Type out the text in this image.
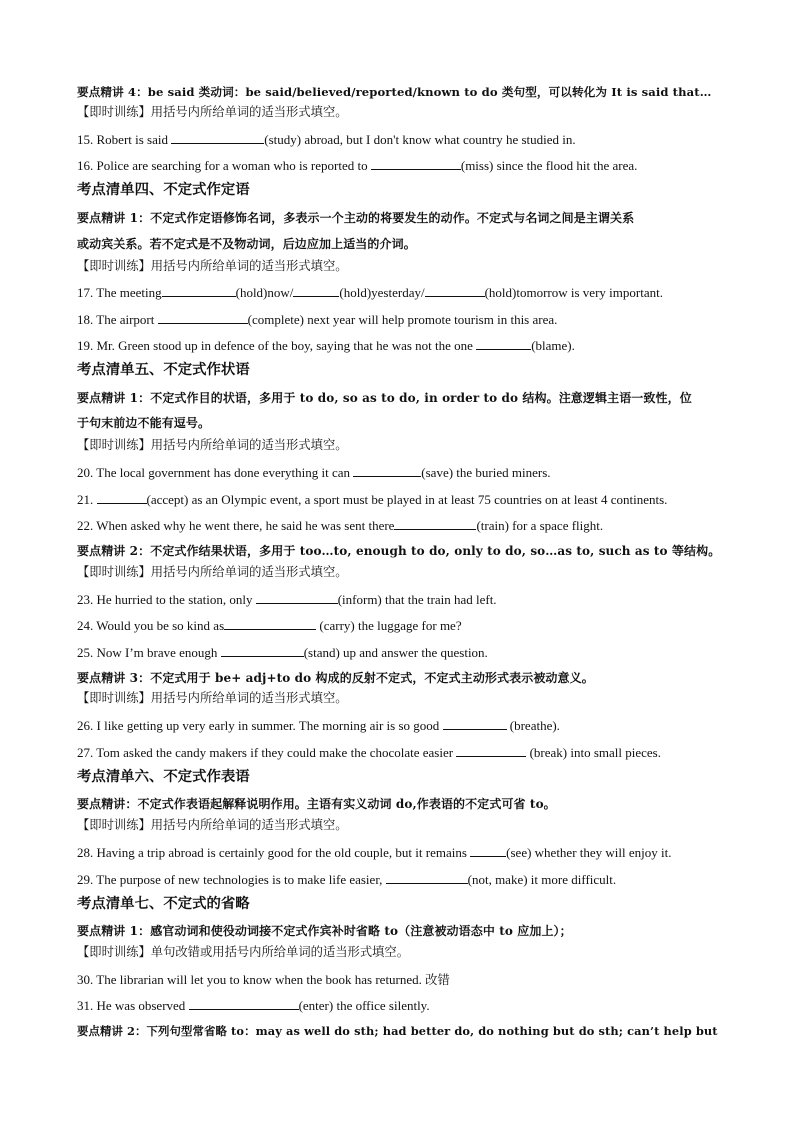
要点精讲 4：be said 类动词：be said/believed/reported/known to do 类句型，可以转化为 It is said that…
【即时训练】用括号内所给单词的适当形式填空。
15. Robert is said	(study) abroad, but I don't know what country he studied in.
16. Police are searching for a woman who is reported to	(miss) since the flood hit the area.
考点清单四、不定式作定语
要点精讲 1：不定式作定语修饰名词，多表示一个主动的将要发生的动作。不定式与名词之间是主谓关系
或动宾关系。若不定式是不及物动词，后边应加上适当的介词。
【即时训练】用括号内所给单词的适当形式填空。
17. The meeting	(hold)now/	(hold)yesterday/	(hold)tomorrow is very important.
18. The airport	(complete) next year will help promote tourism in this area.
19. Mr. Green stood up in defence of the boy, saying that he was not the one	(blame).
考点清单五、不定式作状语
要点精讲 1：不定式作目的状语，多用于 to do, so as to do, in order to do 结构。注意逻辑主语一致性，位
于句末前边不能有逗号。
【即时训练】用括号内所给单词的适当形式填空。
20. The local government has done everything it can	(save) the buried miners.
21.	(accept) as an Olympic event, a sport must be played in at least 75 countries on at least 4 continents.
22. When asked why he went there, he said he was sent there	(train) for a space flight.
要点精讲 2：不定式作结果状语，多用于 too…to, enough to do, only to do, so…as to, such as to 等结构。
【即时训练】用括号内所给单词的适当形式填空。
23. He hurried to the station, only	(inform) that the train had left.
24. Would you be so kind as	(carry) the luggage for me?
25. Now I’m brave enough	(stand) up and answer the question.
要点精讲 3：不定式用于 be+ adj+to do 构成的反射不定式，不定式主动形式表示被动意义。
【即时训练】用括号内所给单词的适当形式填空。
26. I like getting up very early in summer. The morning air is so good	(breathe).
27. Tom asked the candy makers if they could make the chocolate easier	(break) into small pieces.
考点清单六、不定式作表语
要点精讲：不定式作表语起解释说明作用。主语有实义动词 do,作表语的不定式可省 to。
【即时训练】用括号内所给单词的适当形式填空。
28. Having a trip abroad is certainly good for the old couple, but it remains	(see) whether they will enjoy it.
29. The purpose of new technologies is to make life easier,	(not, make) it more difficult.
考点清单七、不定式的省略
要点精讲 1：感官动词和使役动词接不定式作宾补时省略 to（注意被动语态中 to 应加上）；
【即时训练】单句改错或用括号内所给单词的适当形式填空。
30. The librarian will let you to know when the book has returned. 改错
31. He was observed	(enter) the office silently.
要点精讲 2：下列句型常省略 to：may as well do sth; had better do, do nothing but do sth; can’t help but
